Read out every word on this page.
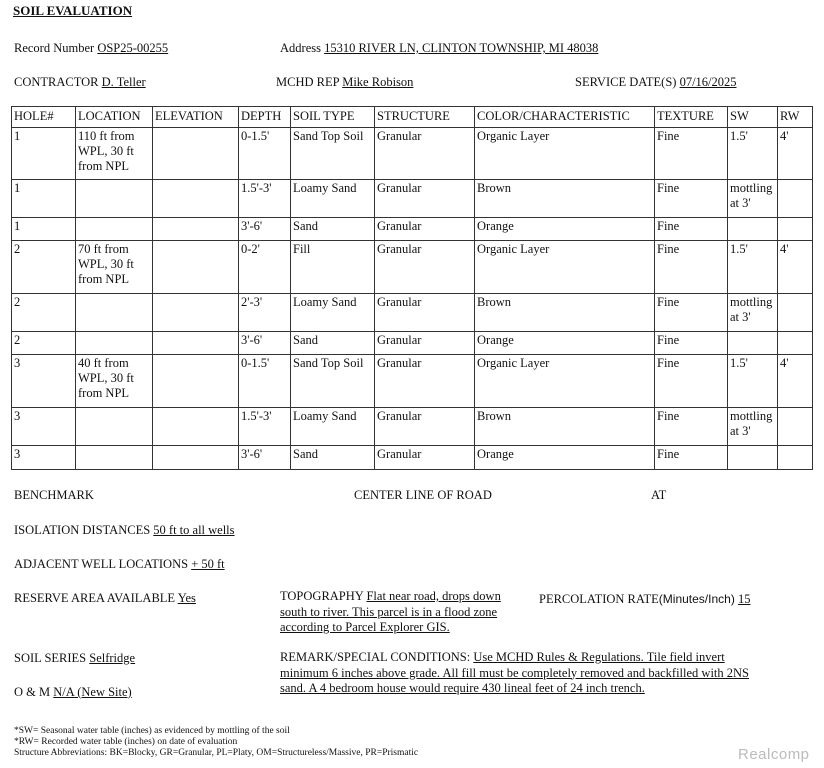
SOIL EVALUATION
Record Number OSP25-00255	Address 15310 RIVER LN, CLINTON TOWNSHIP, MI 48038
CONTRACTOR D. Teller	MCHD REP Mike Robison	SERVICE DATE(S) 07/16/2025
HOLE#	LOCATION	ELEVATION	DEPTH	SOIL TYPE	STRUCTURE	COLOR/CHARACTERISTIC	TEXTURE	SW	RW
1	110 ft from WPL, 30 ft from NPL		0-1.5'	Sand Top Soil	Granular	Organic Layer	Fine	1.5'	4'
1			1.5'-3'	Loamy Sand	Granular	Brown	Fine	mottling at 3'	
1			3'-6'	Sand	Granular	Orange	Fine		
2	70 ft from WPL, 30 ft from NPL		0-2'	Fill	Granular	Organic Layer	Fine	1.5'	4'
2			2'-3'	Loamy Sand	Granular	Brown	Fine	mottling at 3'	
2			3'-6'	Sand	Granular	Orange	Fine		
3	40 ft from WPL, 30 ft from NPL		0-1.5'	Sand Top Soil	Granular	Organic Layer	Fine	1.5'	4'
3			1.5'-3'	Loamy Sand	Granular	Brown	Fine	mottling at 3'	
3			3'-6'	Sand	Granular	Orange	Fine		
BENCHMARK	CENTER LINE OF ROAD	AT
ISOLATION DISTANCES 50 ft to all wells
ADJACENT WELL LOCATIONS + 50 ft
RESERVE AREA AVAILABLE Yes	TOPOGRAPHY Flat near road, drops down
south to river. This parcel is in a flood zone
according to Parcel Explorer GIS.
PERCOLATION RATE(Minutes/Inch) 15
SOIL SERIES Selfridge	REMARK/SPECIAL CONDITIONS: Use MCHD Rules & Regulations. Tile field invert
minimum 6 inches above grade. All fill must be completely removed and backfilled with 2NS
sand. A 4 bedroom house would require 430 lineal feet of 24 inch trench.
O & M N/A (New Site)
*SW= Seasonal water table (inches) as evidenced by mottling of the soil
*RW= Recorded water table (inches) on date of evaluation
Structure Abbreviations: BK=Blocky, GR=Granular, PL=Platy, OM=Structureless/Massive, PR=Prismatic	Realcomp
